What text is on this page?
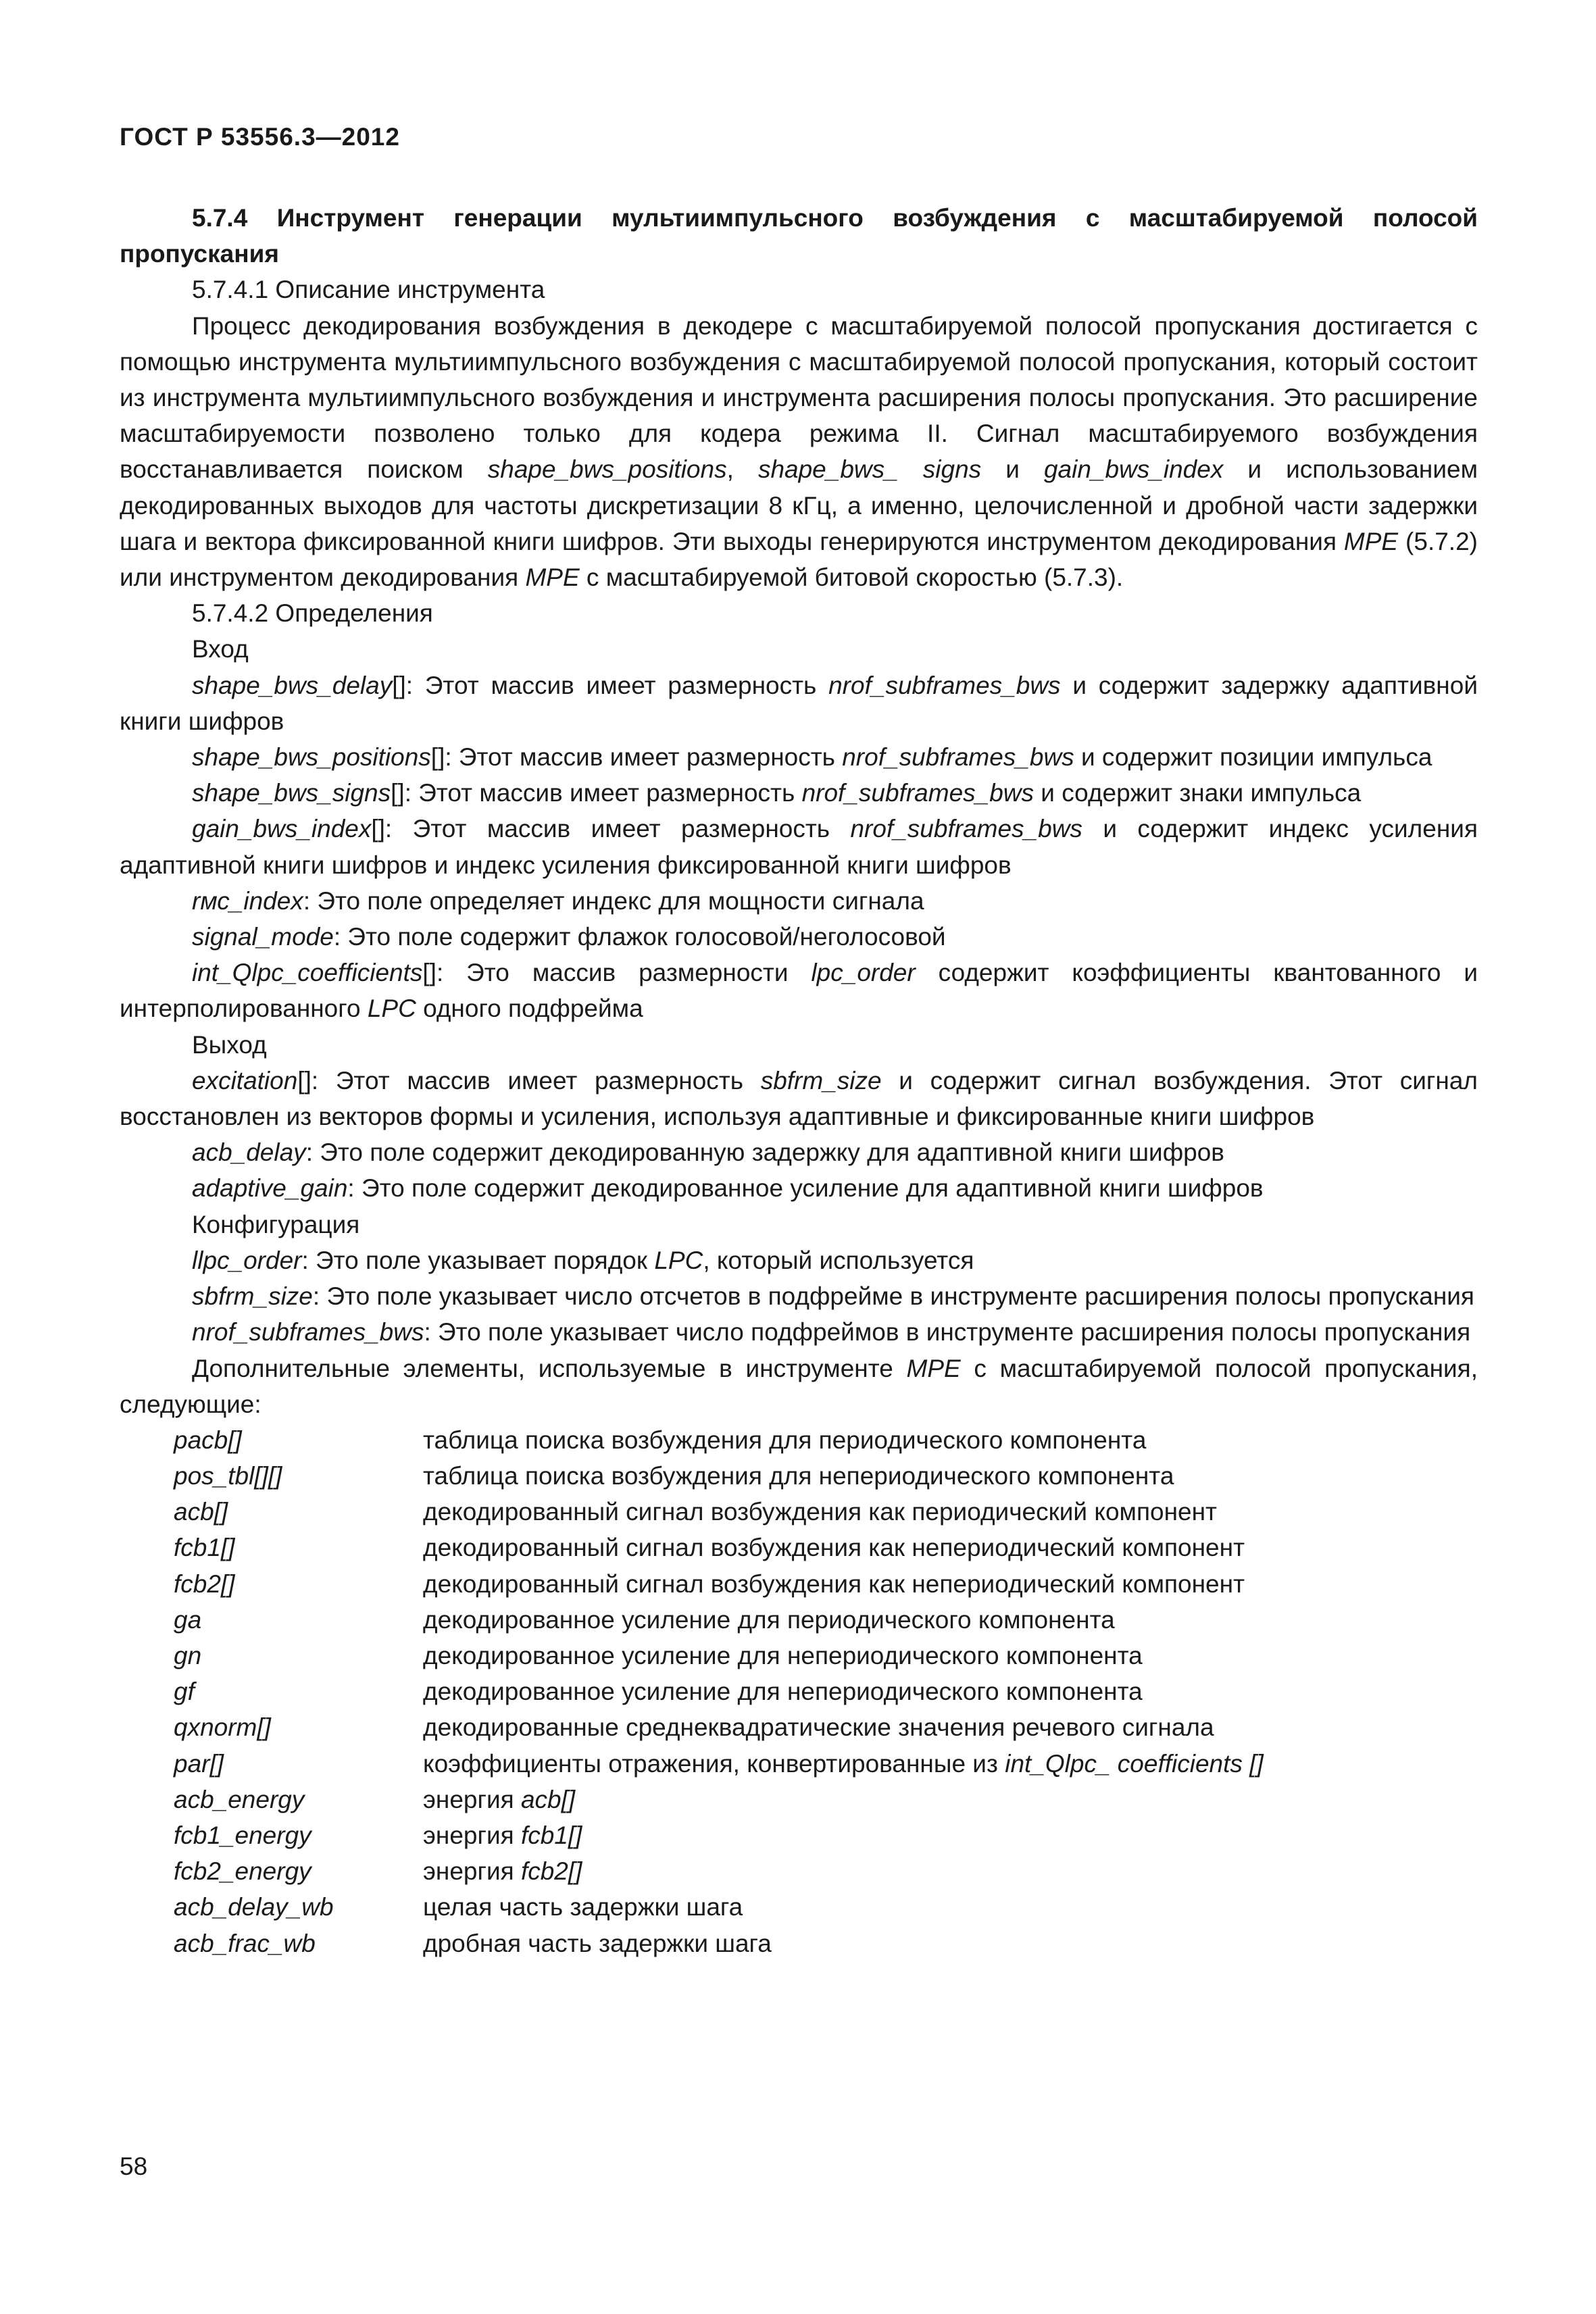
ГОСТ Р 53556.3—2012

5.7.4 Инструмент генерации мультиимпульсного возбуждения с масштабируемой полосой пропускания

5.7.4.1 Описание инструмента

Процесс декодирования возбуждения в декодере с масштабируемой полосой пропускания достигается с помощью инструмента мультиимпульсного возбуждения с масштабируемой полосой пропускания, который состоит из инструмента мультиимпульсного возбуждения и инструмента расширения полосы пропускания. Это расширение масштабируемости позволено только для кодера режима II. Сигнал масштабируемого возбуждения восстанавливается поиском shape_bws_positions, shape_bws_ signs и gain_bws_index и использованием декодированных выходов для частоты дискретизации 8 кГц, а именно, целочисленной и дробной части задержки шага и вектора фиксированной книги шифров. Эти выходы генерируются инструментом декодирования MPE (5.7.2) или инструментом декодирования MPE с масштабируемой битовой скоростью (5.7.3).

5.7.4.2 Определения

Вход

shape_bws_delay[]: Этот массив имеет размерность nrof_subframes_bws и содержит задержку адаптивной книги шифров

shape_bws_positions[]: Этот массив имеет размерность nrof_subframes_bws и содержит позиции импульса

shape_bws_signs[]: Этот массив имеет размерность nrof_subframes_bws и содержит знаки импульса

gain_bws_index[]: Этот массив имеет размерность nrof_subframes_bws и содержит индекс усиления адаптивной книги шифров и индекс усиления фиксированной книги шифров

rмс_index: Это поле определяет индекс для мощности сигнала

signal_mode: Это поле содержит флажок голосовой/неголосовой

int_Qlpc_coefficients[]: Это массив размерности lpc_order содержит коэффициенты квантованного и интерполированного LPC одного подфрейма

Выход

excitation[]: Этот массив имеет размерность sbfrm_size и содержит сигнал возбуждения. Этот сигнал восстановлен из векторов формы и усиления, используя адаптивные и фиксированные книги шифров

acb_delay: Это поле содержит декодированную задержку для адаптивной книги шифров

adaptive_gain: Это поле содержит декодированное усиление для адаптивной книги шифров

Конфигурация

llpc_order: Это поле указывает порядок LPC, который используется

sbfrm_size: Это поле указывает число отсчетов в подфрейме в инструменте расширения полосы пропускания

nrof_subframes_bws: Это поле указывает число подфреймов в инструменте расширения полосы пропускания

Дополнительные элементы, используемые в инструменте MPE с масштабируемой полосой пропускания, следующие:

pacb[]	таблица поиска возбуждения для периодического компонента
pos_tbl[][]	таблица поиска возбуждения для непериодического компонента
acb[]	декодированный сигнал возбуждения как периодический компонент
fcb1[]	декодированный сигнал возбуждения как непериодический компонент
fcb2[]	декодированный сигнал возбуждения как непериодический компонент
ga	декодированное усиление для периодического компонента
gn	декодированное усиление для непериодического компонента
gf	декодированное усиление для непериодического компонента
qxnorm[]	декодированные среднеквадратические значения речевого сигнала
par[]	коэффициенты отражения, конвертированные из int_Qlpc_ coefficients []
acb_energy	энергия acb[]
fcb1_energy	энергия fcb1[]
fcb2_energy	энергия fcb2[]
acb_delay_wb	целая часть задержки шага
acb_frac_wb	дробная часть задержки шага
58
